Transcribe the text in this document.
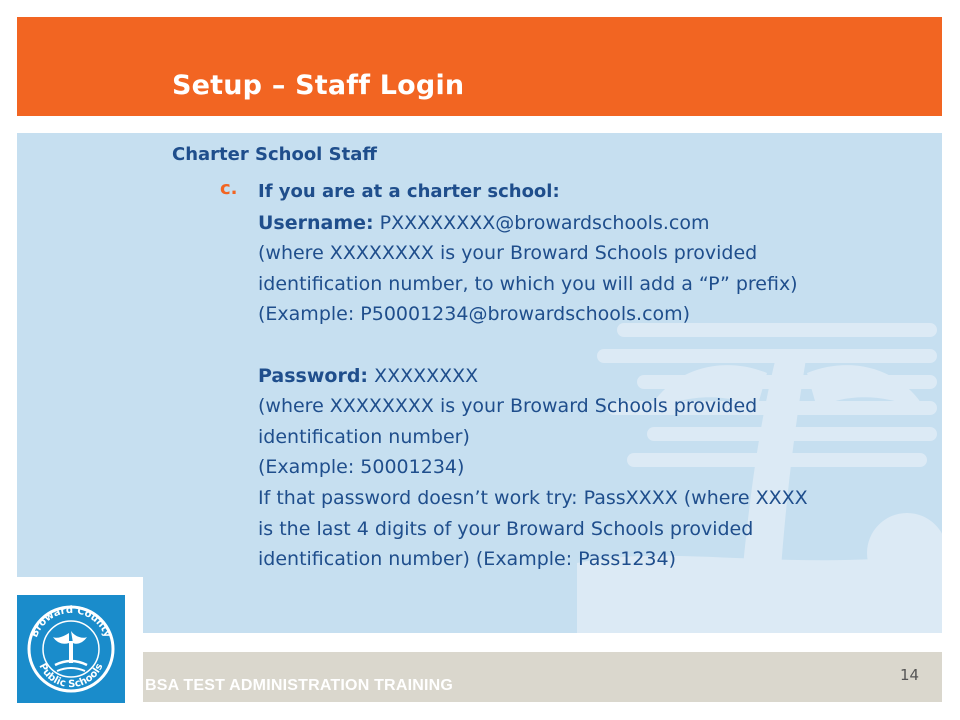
Setup – Staff Login
Charter School Staff
c. If you are at a charter school:
Username: PXXXXXXXX@browardschools.com
(where XXXXXXXX is your Broward Schools provided
identification number, to which you will add a “P” prefix)
(Example: P50001234@browardschools.com)
Password: XXXXXXXX
(where XXXXXXXX is your Broward Schools provided
identification number)
(Example: 50001234)
If that password doesn’t work try: PassXXXX (where XXXX
is the last 4 digits of your Broward Schools provided
identification number) (Example: Pass1234)
BSA TEST ADMINISTRATION TRAINING
14
Broward County
Public Schools
